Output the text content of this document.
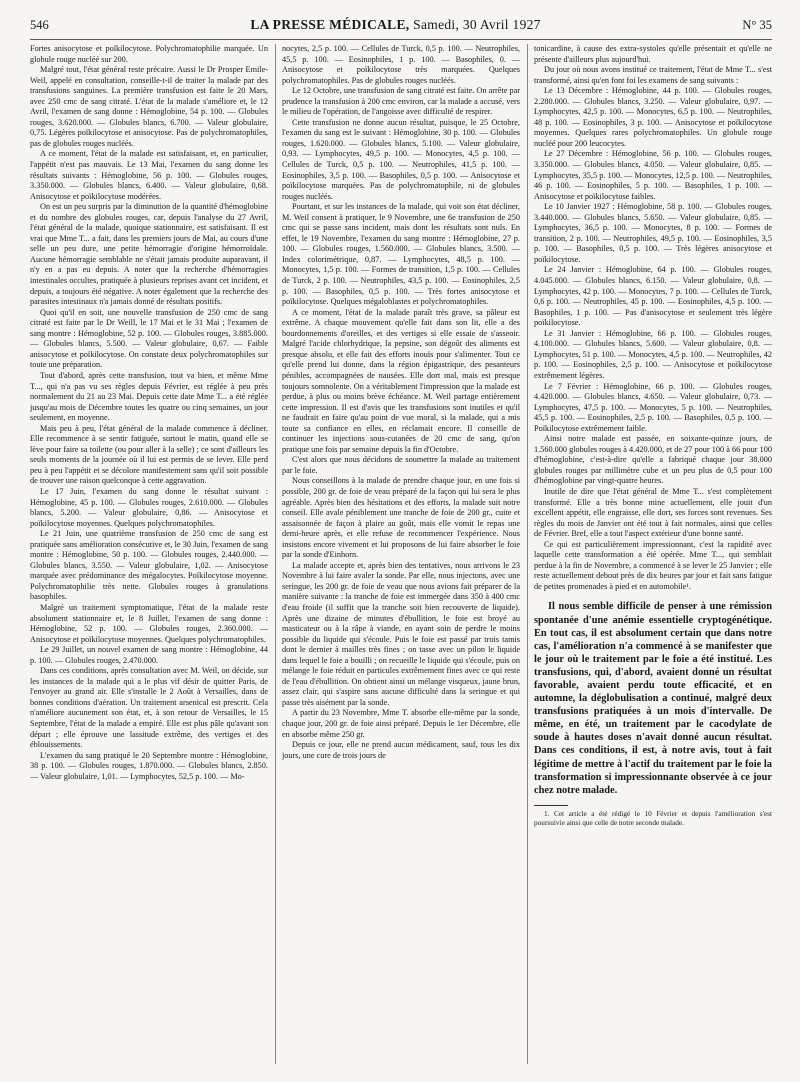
546	LA PRESSE MÉDICALE, Samedi, 30 Avril 1927	N° 35

Fortes anisocytose et poïkilocytose. Polychromatophilie marquée. Un globule rouge nucléé sur 200.

Malgré tout, l'état général reste précaire. Aussi le Dr Prosper Emile-Weil, appelé en consultation, conseille-t-il de traiter la malade par des transfusions sanguines. La première transfusion est faite le 20 Mars, avec 250 cmc de sang citraté. L'état de la malade s'améliore et, le 12 Avril, l'examen de sang donne : Hémoglobine, 54 p. 100. — Globules rouges, 3.620.000. — Globules blancs, 6.700. — Valeur globulaire, 0,75. Légères poïkilocytose et anisocytose. Pas de polychromatophiles, pas de globules rouges nucléés.

A ce moment, l'état de la malade est satisfaisant, et, en particulier, l'appétit n'est pas mauvais. Le 13 Mai, l'examen du sang donne les résultats suivants : Hémoglobine, 56 p. 100. — Globules rouges, 3.350.000. — Globules blancs, 6.400. — Valeur globulaire, 0,68. Anisocytose et poïkilocytose modérées.

On est un peu surpris par la diminution de la quantité d'hémoglobine et du nombre des globules rouges, car, depuis l'analyse du 27 Avril, l'état général de la malade, quoique stationnaire, est satisfaisant. Il est vrai que Mme T... a fait, dans les premiers jours de Mai, au cours d'une selle un peu dure, une petite hémorragie d'origine hémorroïdale. Aucune hémorragie semblable ne s'était jamais produite auparavant, il n'y en a pas eu depuis. A noter que la recherche d'hémorragies intestinales occultes, pratiquée à plusieurs reprises avant cet incident, et depuis, a toujours été négative. A noter également que la recherche des parasites intestinaux n'a jamais donné de résultats positifs.

Quoi qu'il en soit, une nouvelle transfusion de 250 cmc de sang citraté est faite par le Dr Weill, le 17 Mai et le 31 Mai ; l'examen de sang montre : Hémoglobine, 52 p. 100. — Globules rouges, 3.885.000. — Globules blancs, 5.500. — Valeur globulaire, 0,67. — Faible anisocytose et poïkilocytose. On constate deux polychromatophiles sur toute une préparation.

Tout d'abord, après cette transfusion, tout va bien, et même Mme T..., qui n'a pas vu ses règles depuis Février, est réglée à peu près normalement du 21 au 23 Mai. Depuis cette date Mme T... a été réglée jusqu'au mois de Décembre toutes les quatre ou cinq semaines, un jour seulement, en moyenne.

Mais peu à peu, l'état général de la malade commence à décliner. Elle recommence à se sentir fatiguée, surtout le matin, quand elle se lève pour faire sa toilette (ou pour aller à la selle) ; ce sont d'ailleurs les seuls moments de la journée où il lui est permis de se lever. Elle perd peu à peu l'appétit et se décolore manifestement sans qu'il soit possible de trouver une raison quelconque à cette aggravation.

Le 17 Juin, l'examen du sang donne le résultat suivant : Hémoglobine, 45 p. 100. — Globules rouges, 2.610.000. — Globules blancs, 5.200. — Valeur globulaire, 0,86. — Anisocytose et poïkilocytose moyennes. Quelques polychromatophiles.

Le 21 Juin, une quatrième transfusion de 250 cmc de sang est pratiquée sans amélioration consécutive et, le 30 Juin, l'examen de sang montre : Hémoglobine, 50 p. 100. — Globules rouges, 2.440.000. — Globules blancs, 3.550. — Valeur globulaire, 1,02. — Anisocytose marquée avec prédominance des mégalocytes. Poïkilocytose moyenne. Polychromatophilie très nette. Globules rouges à granulations basophiles.

Malgré un traitement symptomatique, l'état de la malade reste absolument stationnaire et, le 8 Juillet, l'examen de sang donne : Hémoglobine, 52 p. 100. — Globules rouges, 2.360.000. — Anisocytose et poïkilocytose moyennes. Quelques polychromatophiles.

Le 29 Juillet, un nouvel examen de sang montre : Hémoglobine, 44 p. 100. — Globules rouges, 2.470.000.

Dans ces conditions, après consultation avec M. Weil, on décide, sur les instances de la malade qui a le plus vif désir de quitter Paris, de l'envoyer au grand air. Elle s'installe le 2 Août à Versailles, dans de bonnes conditions d'aération. Un traitement arsenical est prescrit. Cela n'améliore aucunement son état, et, à son retour de Versailles, le 15 Septembre, l'état de la malade a empiré. Elle est plus pâle qu'avant son départ ; elle éprouve une lassitude extrême, des vertiges et des éblouissements.

L'examen du sang pratiqué le 20 Septembre montre : Hémoglobine, 38 p. 100. — Globules rouges, 1.870.000. — Globules blancs, 2.850. — Valeur globulaire, 1,01. — Lymphocytes, 52,5 p. 100. — Mo-

nocytes, 2,5 p. 100. — Cellules de Turck, 0,5 p. 100. — Neutrophiles, 45,5 p. 100. — Eosinophiles, 1 p. 100. — Basophiles, 0. — Anisocytose et poïkilocytose très marquées. Quelques polychromatophiles. Pas de globules rouges nucléés.

Le 12 Octobre, une transfusion de sang citraté est faite. On arrête par prudence la transfusion à 200 cmc environ, car la malade a accusé, vers le milieu de l'opération, de l'angoisse avec difficulté de respirer.

Cette transfusion ne donne aucun résultat, puisque, le 25 Octobre, l'examen du sang est le suivant : Hémoglobine, 30 p. 100. — Globules rouges, 1.620.000. — Globules blancs, 5.100. — Valeur globulaire, 0,93. — Lymphocytes, 49,5 p. 100. — Monocytes, 4,5 p. 100. — Cellules de Turck, 0,5 p. 100. — Neutrophiles, 41,5 p. 100. — Eosinophiles, 3,5 p. 100. — Basophiles, 0,5 p. 100. — Anisocytose et poïkilocytose marquées. Pas de polychromatophile, ni de globules rouges nucléés.

Pourtant, et sur les instances de la malade, qui voit son état décliner, M. Weil consent à pratiquer, le 9 Novembre, une 6e transfusion de 250 cmc qui se passe sans incident, mais dont les résultats sont nuls. En effet, le 19 Novembre, l'examen du sang montre : Hémoglobine, 27 p. 100. — Globules rouges, 1.560.000. — Globules blancs, 3.500. — Index colorimétrique, 0,87. — Lymphocytes, 48,5 p. 100. — Monocytes, 1,5 p. 100. — Formes de transition, 1,5 p. 100. — Cellules de Turck, 2 p. 100. — Neutrophiles, 43,5 p. 100. — Eosinophiles, 2,5 p. 100. — Basophiles, 0,5 p. 100. — Très fortes anisocytose et poïkilocytose. Quelques mégaloblastes et polychromatophiles.

A ce moment, l'état de la malade paraît très grave, sa pâleur est extrême. A chaque mouvement qu'elle fait dans son lit, elle a des bourdonnements d'oreilles, et des vertiges si elle essaie de s'asseoir. Malgré l'acide chlorhydrique, la pepsine, son dégoût des aliments est presque absolu, et elle fait des efforts inouïs pour s'alimenter. Tout ce qu'elle prend lui donne, dans la région épigastrique, des pesanteurs pénibles, accompagnées de nausées. Elle dort mal, mais est presque toujours somnolente. On a véritablement l'impression que la malade est perdue, à plus ou moins brève échéance. M. Weil partage entièrement cette impression. Il est d'avis que les transfusions sont inutiles et qu'il ne faudrait en faire qu'au point de vue moral, si la malade, qui a mis toute sa confiance en elles, en réclamait encore. Il conseille de continuer les injections sous-cutanées de 20 cmc de sang, qu'on pratique une fois par semaine depuis la fin d'Octobre.

C'est alors que nous décidons de soumettre la malade au traitement par le foie.

Nous conseillons à la malade de prendre chaque jour, en une fois si possible, 200 gr. de foie de veau préparé de la façon qui lui sera le plus agréable. Après bien des hésitations et des efforts, la malade suit notre conseil. Elle avale péniblement une tranche de foie de 200 gr., cuite et assaisonnée de façon à plaire au goût, mais elle vomit le repas une demi-heure après, et elle refuse de recommencer l'expérience. Nous insistons encore vivement et lui proposons de lui faire absorber le foie par la sonde d'Einhorn.

La malade accepte et, après bien des tentatives, nous arrivons le 23 Novembre à lui faire avaler la sonde. Par elle, nous injectons, avec une seringue, les 200 gr. de foie de veau que nous avions fait préparer de la manière suivante : la tranche de foie est immergée dans 350 à 400 cmc d'eau froide (il suffit que la tranche soit bien recouverte de liquide). Après une dizaine de minutes d'ébullition, le foie est broyé au masticateur ou à la râpe à viande, en ayant soin de perdre le moins possible du liquide qui s'écoule. Puis le foie est passé par trois tamis dont le dernier à mailles très fines ; on tasse avec un pilon le liquide dans lequel le foie a bouilli ; on recueille le liquide qui s'écoule, puis on mélange le foie réduit en particules extrêmement fines avec ce qui reste de l'eau d'ébullition. On obtient ainsi un mélange visqueux, jaune brun, assez clair, qui s'aspire sans aucune difficulté dans la seringue et qui passe très aisément par la sonde.

A partir du 23 Novembre, Mme T. absorbe elle-même par la sonde, chaque jour, 200 gr. de foie ainsi préparé. Depuis le 1er Décembre, elle en absorbe même 250 gr.

Depuis ce jour, elle ne prend aucun médicament, sauf, tous les dix jours, une cure de trois jours de

tonicardine, à cause des extra-systoles qu'elle présentait et qu'elle ne présente d'ailleurs plus aujourd'hui.

Du jour où nous avons institué ce traitement, l'état de Mme T... s'est transformé, ainsi qu'en font foi les examens de sang suivants :

Le 13 Décembre : Hémoglobine, 44 p. 100. — Globules rouges, 2.280.000. — Globules blancs, 3.250. — Valeur globulaire, 0,97. — Lymphocytes, 42,5 p. 100. — Monocytes, 6,5 p. 100. — Neutrophiles, 48 p. 100. — Eosinophiles, 3 p. 100. — Anisocytose et poïkilocytose moyennes. Quelques rares polychromatophiles. Un globule rouge nucléé pour 200 leucocytes.

Le 27 Décembre : Hémoglobine, 56 p. 100. — Globules rouges, 3.350.000. — Globules blancs, 4.050. — Valeur globulaire, 0,85. — Lymphocytes, 35,5 p. 100. — Monocytes, 12,5 p. 100. — Neutrophiles, 46 p. 100. — Eosinophiles, 5 p. 100. — Basophiles, 1 p. 100. — Anisocytose et poïkilocytose faibles.

Le 10 Janvier 1927 : Hémoglobine, 58 p. 100. — Globules rouges, 3.440.000. — Globules blancs, 5.650. — Valeur globulaire, 0,85. — Lymphocytes, 36,5 p. 100. — Monocytes, 8 p. 100. — Formes de transition, 2 p. 100. — Neutrophiles, 49,5 p. 100. — Eosinophiles, 3,5 p. 100. — Basophiles, 0,5 p. 100. — Très légères anisocytose et poïkilocytose.

Le 24 Janvier : Hémoglobine, 64 p. 100. — Globules rouges, 4.045.000. — Globules blancs, 6.150. — Valeur globulaire, 0,8. — Lymphocytes, 42 p. 100. — Monocytes, 7 p. 100. — Cellules de Turck, 0,6 p. 100. — Neutrophiles, 45 p. 100. — Eosinophiles, 4,5 p. 100. — Basophiles, 1 p. 100. — Pas d'anisocytose et seulement très légère poïkilocytose.

Le 31 Janvier : Hémoglobine, 66 p. 100. — Globules rouges, 4.100.000. — Globules blancs, 5.600. — Valeur globulaire, 0,8. — Lymphocytes, 51 p. 100. — Monocytes, 4,5 p. 100. — Neutrophiles, 42 p. 100. — Eosinophiles, 2,5 p. 100. — Anisocytose et poïkilocytose extrêmement légères.

Le 7 Février : Hémoglobine, 66 p. 100. — Globules rouges, 4.420.000. — Globules blancs, 4.650. — Valeur globulaire, 0,73. — Lymphocytes, 47,5 p. 100. — Monocytes, 5 p. 100. — Neutrophiles, 45,5 p. 100. — Eosinophiles, 2,5 p. 100. — Basophiles, 0,5 p. 100. — Poïkilocytose extrêmement faible.

Ainsi notre malade est passée, en soixante-quinze jours, de 1.560.000 globules rouges à 4.420.000, et de 27 pour 100 à 66 pour 100 d'hémoglobine, c'est-à-dire qu'elle a fabriqué chaque jour 38.000 globules rouges par millimètre cube et un peu plus de 0,5 pour 100 d'hémoglobine par vingt-quatre heures.

Inutile de dire que l'état général de Mme T... s'est complètement transformé. Elle a très bonne mine actuellement, elle jouit d'un excellent appétit, elle engraisse, elle dort, ses forces sont revenues. Ses règles du mois de Janvier ont été tout à fait normales, ainsi que celles de Février. Bref, elle a tout l'aspect extérieur d'une bonne santé.

Ce qui est particulièrement impressionnant, c'est la rapidité avec laquelle cette transformation a été opérée. Mme T..., qui semblait perdue à la fin de Novembre, a commencé à se lever le 25 Janvier ; elle reste actuellement debout près de dix heures par jour et fait sans fatigue de petites promenades à pied et en automobile¹.

Il nous semble difficile de penser à une rémission spontanée d'une anémie essentielle cryptogénétique. En tout cas, il est absolument certain que dans notre cas, l'amélioration n'a commencé à se manifester que le jour où le traitement par le foie a été institué. Les transfusions, qui, d'abord, avaient donné un résultat favorable, avaient perdu toute efficacité, et en automne, la déglobulisation a continué, malgré deux transfusions pratiquées à un mois d'intervalle. De même, en été, un traitement par le cacodylate de soude à hautes doses n'avait donné aucun résultat. Dans ces conditions, il est, à notre avis, tout à fait légitime de mettre à l'actif du traitement par le foie la transformation si impressionnante observée à ce jour chez notre malade.

1. Cet article a été rédigé le 10 Février et depuis l'amélioration s'est poursuivie ainsi que celle de notre seconde malade.
